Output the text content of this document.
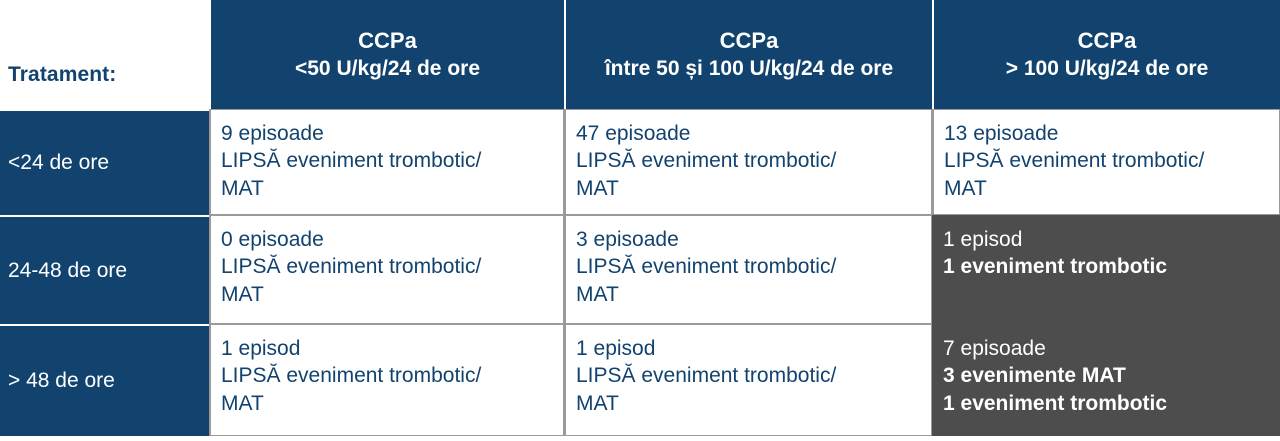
Tratament:
CCPa
<50 U/kg/24 de ore
CCPa
între 50 și 100 U/kg/24 de ore
CCPa
> 100 U/kg/24 de ore
<24 de ore
9 episoade
LIPSĂ eveniment trombotic/
MAT
47 episoade
LIPSĂ eveniment trombotic/
MAT
13 episoade
LIPSĂ eveniment trombotic/
MAT
24-48 de ore
0 episoade
LIPSĂ eveniment trombotic/
MAT
3 episoade
LIPSĂ eveniment trombotic/
MAT
1 episod
1 eveniment trombotic
> 48 de ore
1 episod
LIPSĂ eveniment trombotic/
MAT
1 episod
LIPSĂ eveniment trombotic/
MAT
7 episoade
3 evenimente MAT
1 eveniment trombotic
